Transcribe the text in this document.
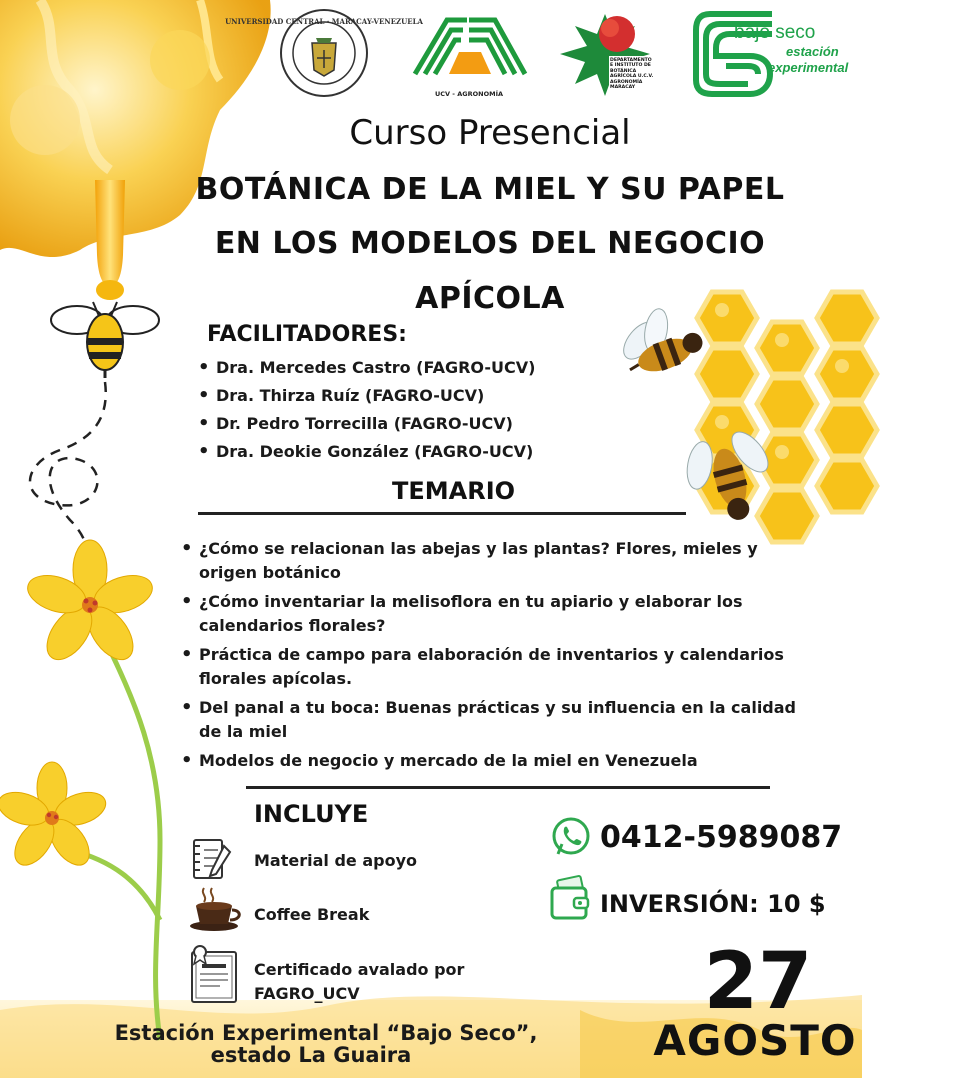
UNIVERSIDAD CENTRAL · MARACAY-VENEZUELA
UCV - AGRONOMÍA
DEPARTAMENTO E INSTITUTO DE BOTÁNICA AGRÍCOLA U.C.V. AGRONOMÍA MARACAY
bajo seco
estación
experimental
Curso Presencial
BOTÁNICA DE LA MIEL Y SU PAPEL
EN LOS MODELOS DEL NEGOCIO
APÍCOLA
FACILITADORES:
• Dra. Mercedes Castro (FAGRO-UCV)
• Dra. Thirza Ruíz (FAGRO-UCV)
• Dr. Pedro Torrecilla (FAGRO-UCV)
• Dra. Deokie González (FAGRO-UCV)
TEMARIO
• ¿Cómo se relacionan las abejas y las plantas? Flores, mieles y origen botánico
• ¿Cómo inventariar la melisoflora en tu apiario y elaborar los calendarios florales?
• Práctica de campo para elaboración de inventarios y calendarios florales apícolas.
• Del panal a tu boca: Buenas prácticas y su influencia en la calidad de la miel
• Modelos de negocio y mercado de la miel en Venezuela
INCLUYE
Material de apoyo
Coffee Break
Certificado avalado por FAGRO_UCV
0412-5989087
INVERSIÓN: 10 $
27
AGOSTO
Estación Experimental “Bajo Seco”,
estado La Guaira
